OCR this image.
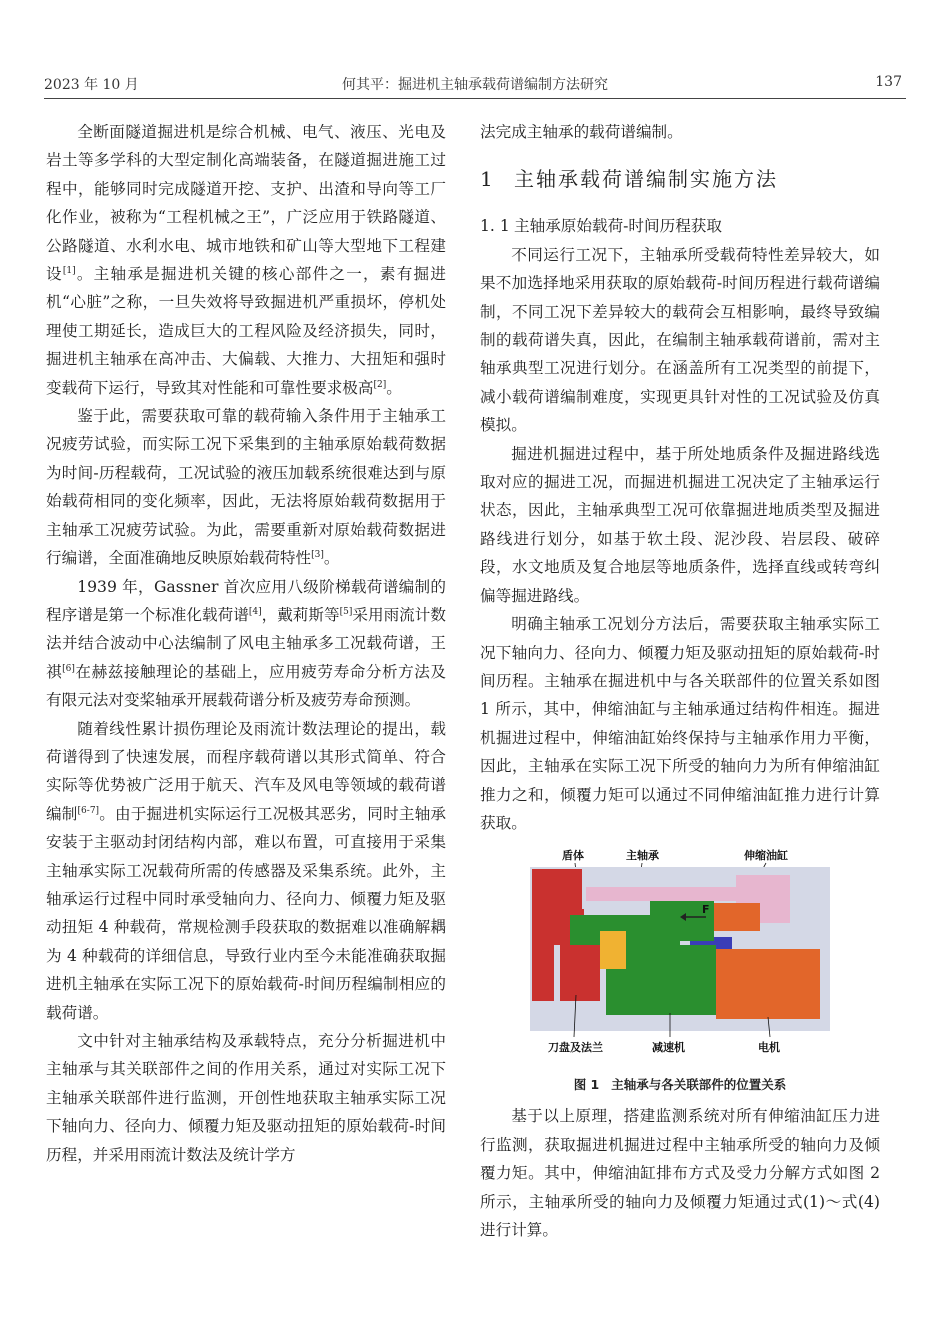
2023 年 10 月	何其平：掘进机主轴承载荷谱编制方法研究	137

全断面隧道掘进机是综合机械、电气、液压、光电及岩土等多学科的大型定制化高端装备，在隧道掘进施工过程中，能够同时完成隧道开挖、支护、出渣和导向等工厂化作业，被称为“工程机械之王”，广泛应用于铁路隧道、公路隧道、水利水电、城市地铁和矿山等大型地下工程建设[1]。主轴承是掘进机关键的核心部件之一，素有掘进机“心脏”之称，一旦失效将导致掘进机严重损坏，停机处理使工期延长，造成巨大的工程风险及经济损失，同时，掘进机主轴承在高冲击、大偏载、大推力、大扭矩和强时变载荷下运行，导致其对性能和可靠性要求极高[2]。

鉴于此，需要获取可靠的载荷输入条件用于主轴承工况疲劳试验，而实际工况下采集到的主轴承原始载荷数据为时间-历程载荷，工况试验的液压加载系统很难达到与原始载荷相同的变化频率，因此，无法将原始载荷数据用于主轴承工况疲劳试验。为此，需要重新对原始载荷数据进行编谱，全面准确地反映原始载荷特性[3]。

1939 年，Gassner 首次应用八级阶梯载荷谱编制的程序谱是第一个标准化载荷谱[4]，戴莉斯等[5]采用雨流计数法并结合波动中心法编制了风电主轴承多工况载荷谱，王祺[6]在赫兹接触理论的基础上，应用疲劳寿命分析方法及有限元法对变桨轴承开展载荷谱分析及疲劳寿命预测。

随着线性累计损伤理论及雨流计数法理论的提出，载荷谱得到了快速发展，而程序载荷谱以其形式简单、符合实际等优势被广泛用于航天、汽车及风电等领域的载荷谱编制[6-7]。由于掘进机实际运行工况极其恶劣，同时主轴承安装于主驱动封闭结构内部，难以布置，可直接用于采集主轴承实际工况载荷所需的传感器及采集系统。此外，主轴承运行过程中同时承受轴向力、径向力、倾覆力矩及驱动扭矩 4 种载荷，常规检测手段获取的数据难以准确解耦为 4 种载荷的详细信息，导致行业内至今未能准确获取掘进机主轴承在实际工况下的原始载荷-时间历程编制相应的载荷谱。

文中针对主轴承结构及承载特点，充分分析掘进机中主轴承与其关联部件之间的作用关系，通过对实际工况下主轴承关联部件进行监测，开创性地获取主轴承实际工况下轴向力、径向力、倾覆力矩及驱动扭矩的原始载荷-时间历程，并采用雨流计数法及统计学方

法完成主轴承的载荷谱编制。

1 主轴承载荷谱编制实施方法
1. 1 主轴承原始载荷-时间历程获取

不同运行工况下，主轴承所受载荷特性差异较大，如果不加选择地采用获取的原始载荷-时间历程进行载荷谱编制，不同工况下差异较大的载荷会互相影响，最终导致编制的载荷谱失真，因此，在编制主轴承载荷谱前，需对主轴承典型工况进行划分。在涵盖所有工况类型的前提下，减小载荷谱编制难度，实现更具针对性的工况试验及仿真模拟。

掘进机掘进过程中，基于所处地质条件及掘进路线选取对应的掘进工况，而掘进机掘进工况决定了主轴承运行状态，因此，主轴承典型工况可依靠掘进地质类型及掘进路线进行划分，如基于软土段、泥沙段、岩层段、破碎段，水文地质及复合地层等地质条件，选择直线或转弯纠偏等掘进路线。

明确主轴承工况划分方法后，需要获取主轴承实际工况下轴向力、径向力、倾覆力矩及驱动扭矩的原始载荷-时间历程。主轴承在掘进机中与各关联部件的位置关系如图 1 所示，其中，伸缩油缸与主轴承通过结构件相连。掘进机掘进过程中，伸缩油缸始终保持与主轴承作用力平衡，因此，主轴承在实际工况下所受的轴向力为所有伸缩油缸推力之和，倾覆力矩可以通过不同伸缩油缸推力进行计算获取。

盾体	主轴承	伸缩油缸
F
刀盘及法兰	减速机	电机
图 1 主轴承与各关联部件的位置关系

基于以上原理，搭建监测系统对所有伸缩油缸压力进行监测，获取掘进机掘进过程中主轴承所受的轴向力及倾覆力矩。其中，伸缩油缸排布方式及受力分解方式如图 2 所示，主轴承所受的轴向力及倾覆力矩通过式(1)～式(4)进行计算。
